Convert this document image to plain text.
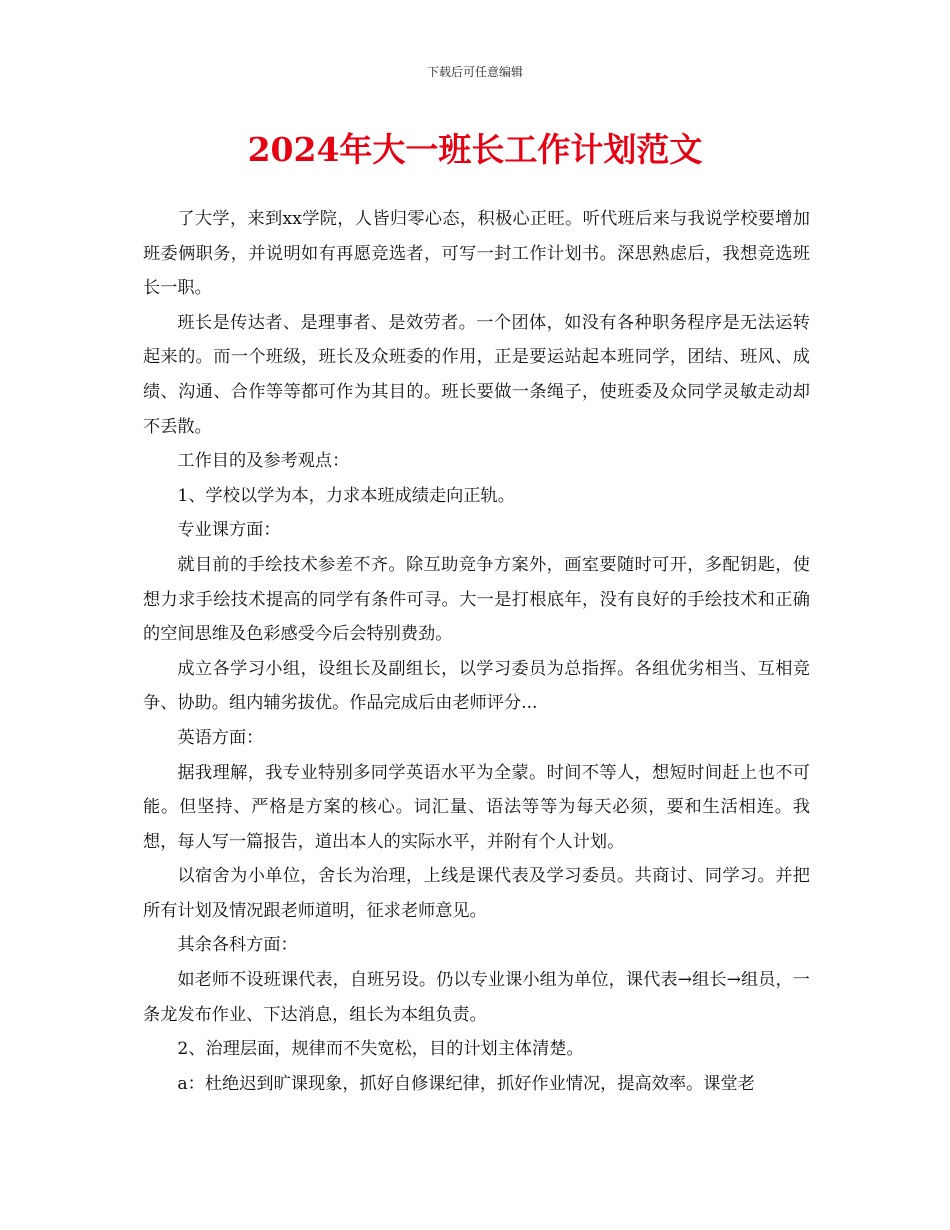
下载后可任意编辑
2024年大一班长工作计划范文

了大学，来到xx学院，人皆归零心态，积极心正旺。听代班后来与我说学校要增加班委俩职务，并说明如有再愿竞选者，可写一封工作计划书。深思熟虑后，我想竞选班长一职。

班长是传达者、是理事者、是效劳者。一个团体，如没有各种职务程序是无法运转起来的。而一个班级，班长及众班委的作用，正是要运站起本班同学，团结、班风、成绩、沟通、合作等等都可作为其目的。班长要做一条绳子，使班委及众同学灵敏走动却不丢散。

工作目的及参考观点：

1、学校以学为本，力求本班成绩走向正轨。

专业课方面：

就目前的手绘技术参差不齐。除互助竞争方案外，画室要随时可开，多配钥匙，使想力求手绘技术提高的同学有条件可寻。大一是打根底年，没有良好的手绘技术和正确的空间思维及色彩感受今后会特别费劲。

成立各学习小组，设组长及副组长，以学习委员为总指挥。各组优劣相当、互相竞争、协助。组内辅劣拔优。作品完成后由老师评分...

英语方面：

据我理解，我专业特别多同学英语水平为全蒙。时间不等人，想短时间赶上也不可能。但坚持、严格是方案的核心。词汇量、语法等等为每天必须，要和生活相连。我想，每人写一篇报告，道出本人的实际水平，并附有个人计划。

以宿舍为小单位，舍长为治理，上线是课代表及学习委员。共商讨、同学习。并把所有计划及情况跟老师道明，征求老师意见。

其余各科方面：

如老师不设班课代表，自班另设。仍以专业课小组为单位，课代表→组长→组员，一条龙发布作业、下达消息，组长为本组负责。

2、治理层面，规律而不失宽松，目的计划主体清楚。

a：杜绝迟到旷课现象，抓好自修课纪律，抓好作业情况，提高效率。课堂老
